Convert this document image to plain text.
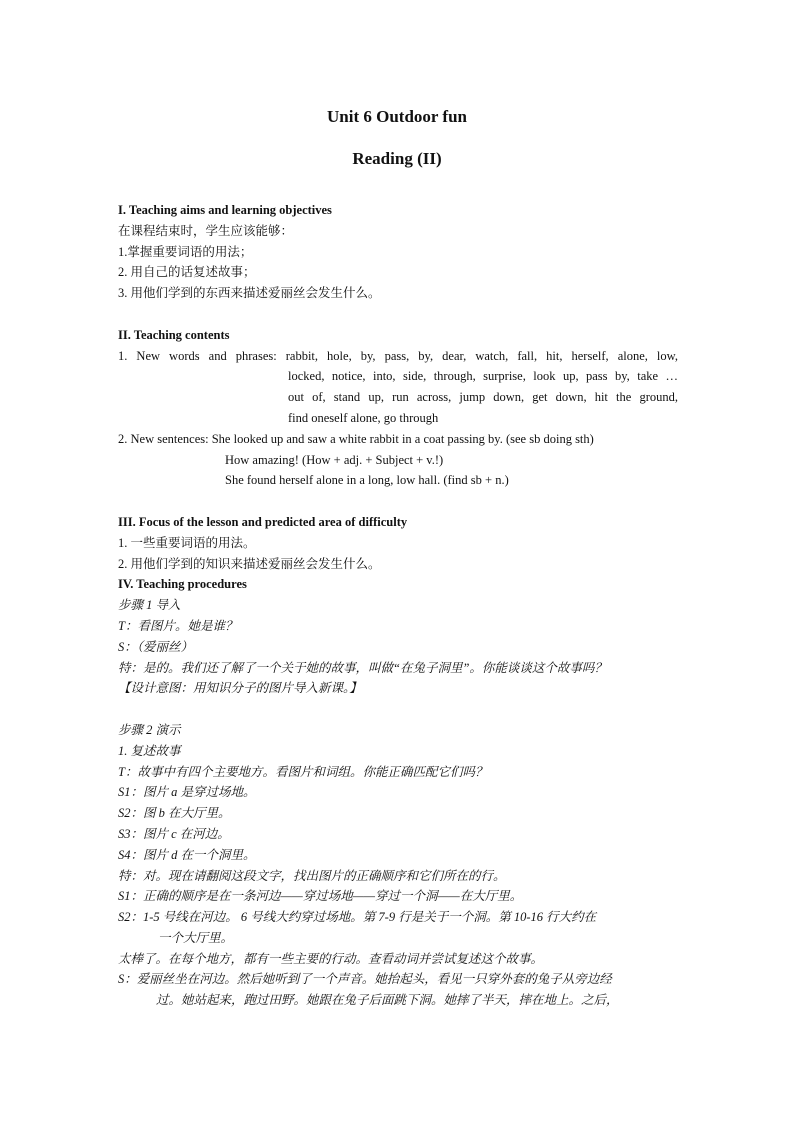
Unit 6 Outdoor fun
Reading (II)
I. Teaching aims and learning objectives
在课程结束时，学生应该能够：
1.掌握重要词语的用法；
2. 用自己的话复述故事；
3. 用他们学到的东西来描述爱丽丝会发生什么。
II. Teaching contents
1. New words and phrases: rabbit, hole, by, pass, by, dear, watch, fall, hit, herself, alone, low,
locked, notice, into, side, through, surprise, look up, pass by, take …
out of, stand up, run across, jump down, get down, hit the ground,
find oneself alone, go through
2. New sentences: She looked up and saw a white rabbit in a coat passing by. (see sb doing sth)
How amazing! (How + adj. + Subject + v.!)
She found herself alone in a long, low hall. (find sb + n.)
III. Focus of the lesson and predicted area of difficulty
1. 一些重要词语的用法。
2. 用他们学到的知识来描述爱丽丝会发生什么。
IV. Teaching procedures
步骤 1 导入
T：看图片。她是谁？
S：（爱丽丝）
特：是的。我们还了解了一个关于她的故事，叫做“在兔子洞里”。你能谈谈这个故事吗？
【设计意图：用知识分子的图片导入新课。】
步骤 2 演示
1. 复述故事
T：故事中有四个主要地方。看图片和词组。你能正确匹配它们吗？
S1：图片 a 是穿过场地。
S2：图 b 在大厅里。
S3：图片 c 在河边。
S4：图片 d 在一个洞里。
特：对。现在请翻阅这段文字，找出图片的正确顺序和它们所在的行。
S1：正确的顺序是在一条河边——穿过场地——穿过一个洞——在大厅里。
S2：1-5 号线在河边。 6 号线大约穿过场地。第 7-9 行是关于一个洞。第 10-16 行大约在
一个大厅里。
太棒了。在每个地方，都有一些主要的行动。查看动词并尝试复述这个故事。
S：爱丽丝坐在河边。然后她听到了一个声音。她抬起头，看见一只穿外套的兔子从旁边经
过。她站起来，跑过田野。她跟在兔子后面跳下洞。她摔了半天，摔在地上。之后，
